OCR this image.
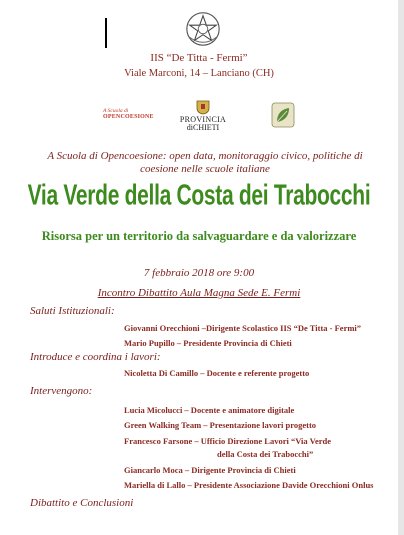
IIS “De Titta - Fermi”
Viale Marconi, 14 – Lanciano (CH)
A Scuola di
OPENCOESIONE	PROVINCIA
diCHIETI
A Scuola di Opencoesione: open data, monitoraggio civico, politiche di coesione nelle scuole italiane
Via Verde della Costa dei Trabocchi
Risorsa per un territorio da salvaguardare e da valorizzare
7 febbraio 2018 ore 9:00
Incontro Dibattito Aula Magna Sede E. Fermi
Saluti Istituzionali:
Giovanni Orecchioni –Dirigente Scolastico IIS “De Titta - Fermi”
Mario Pupillo – Presidente Provincia di Chieti
Introduce e coordina i lavori:
Nicoletta Di Camillo – Docente e referente progetto
Intervengono:
Lucia Micolucci – Docente e animatore digitale
Green Walking Team – Presentazione lavori progetto
Francesco Farsone – Ufficio Direzione Lavori “Via Verde
della Costa dei Trabocchi”
Giancarlo Moca – Dirigente Provincia di Chieti
Mariella di Lallo – Presidente Associazione Davide Orecchioni Onlus
Dibattito e Conclusioni
